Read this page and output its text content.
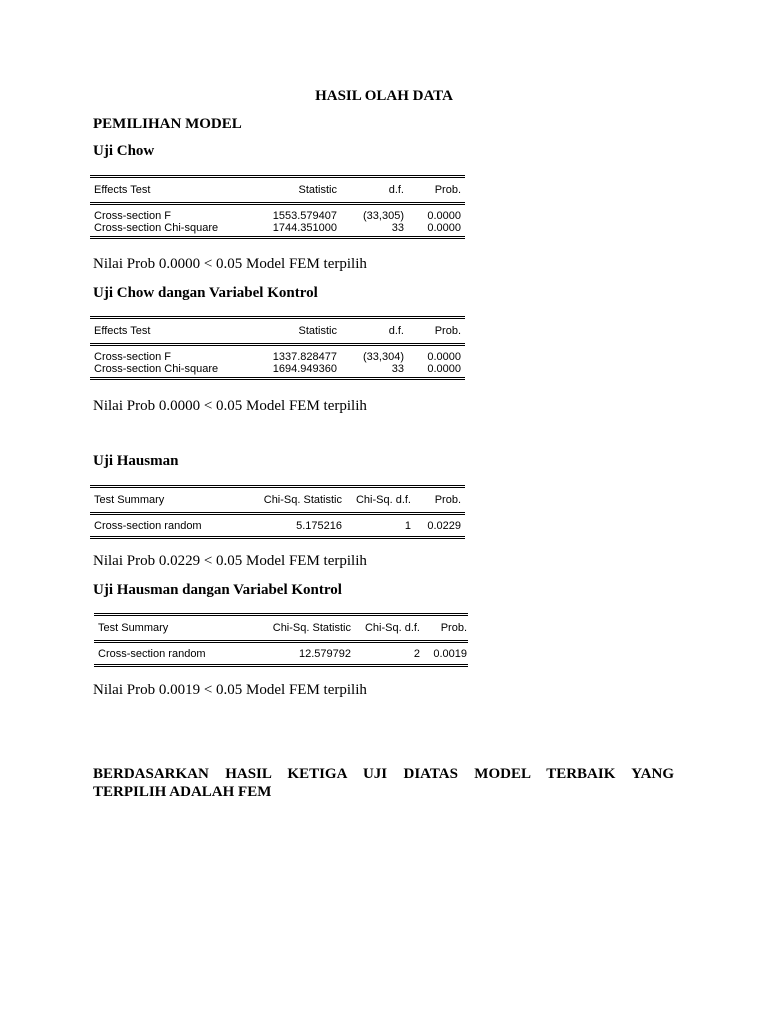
HASIL OLAH DATA
PEMILIHAN MODEL
Uji Chow
Effects Test	Statistic	d.f.	Prob.
Cross-section F	1553.579407	(33,305)	0.0000
Cross-section Chi-square	1744.351000	33	0.0000
Nilai Prob 0.0000 < 0.05 Model FEM terpilih
Uji Chow dangan Variabel Kontrol
Effects Test	Statistic	d.f.	Prob.
Cross-section F	1337.828477	(33,304)	0.0000
Cross-section Chi-square	1694.949360	33	0.0000
Nilai Prob 0.0000 < 0.05 Model FEM terpilih
Uji Hausman
Test Summary	Chi-Sq. Statistic	Chi-Sq. d.f.	Prob.
Cross-section random	5.175216	1	0.0229
Nilai Prob 0.0229 < 0.05 Model FEM terpilih
Uji Hausman dangan Variabel Kontrol
Test Summary	Chi-Sq. Statistic	Chi-Sq. d.f.	Prob.
Cross-section random	12.579792	2	0.0019
Nilai Prob 0.0019 < 0.05 Model FEM terpilih
BERDASARKAN HASIL KETIGA UJI DIATAS MODEL TERBAIK YANG
TERPILIH ADALAH FEM
